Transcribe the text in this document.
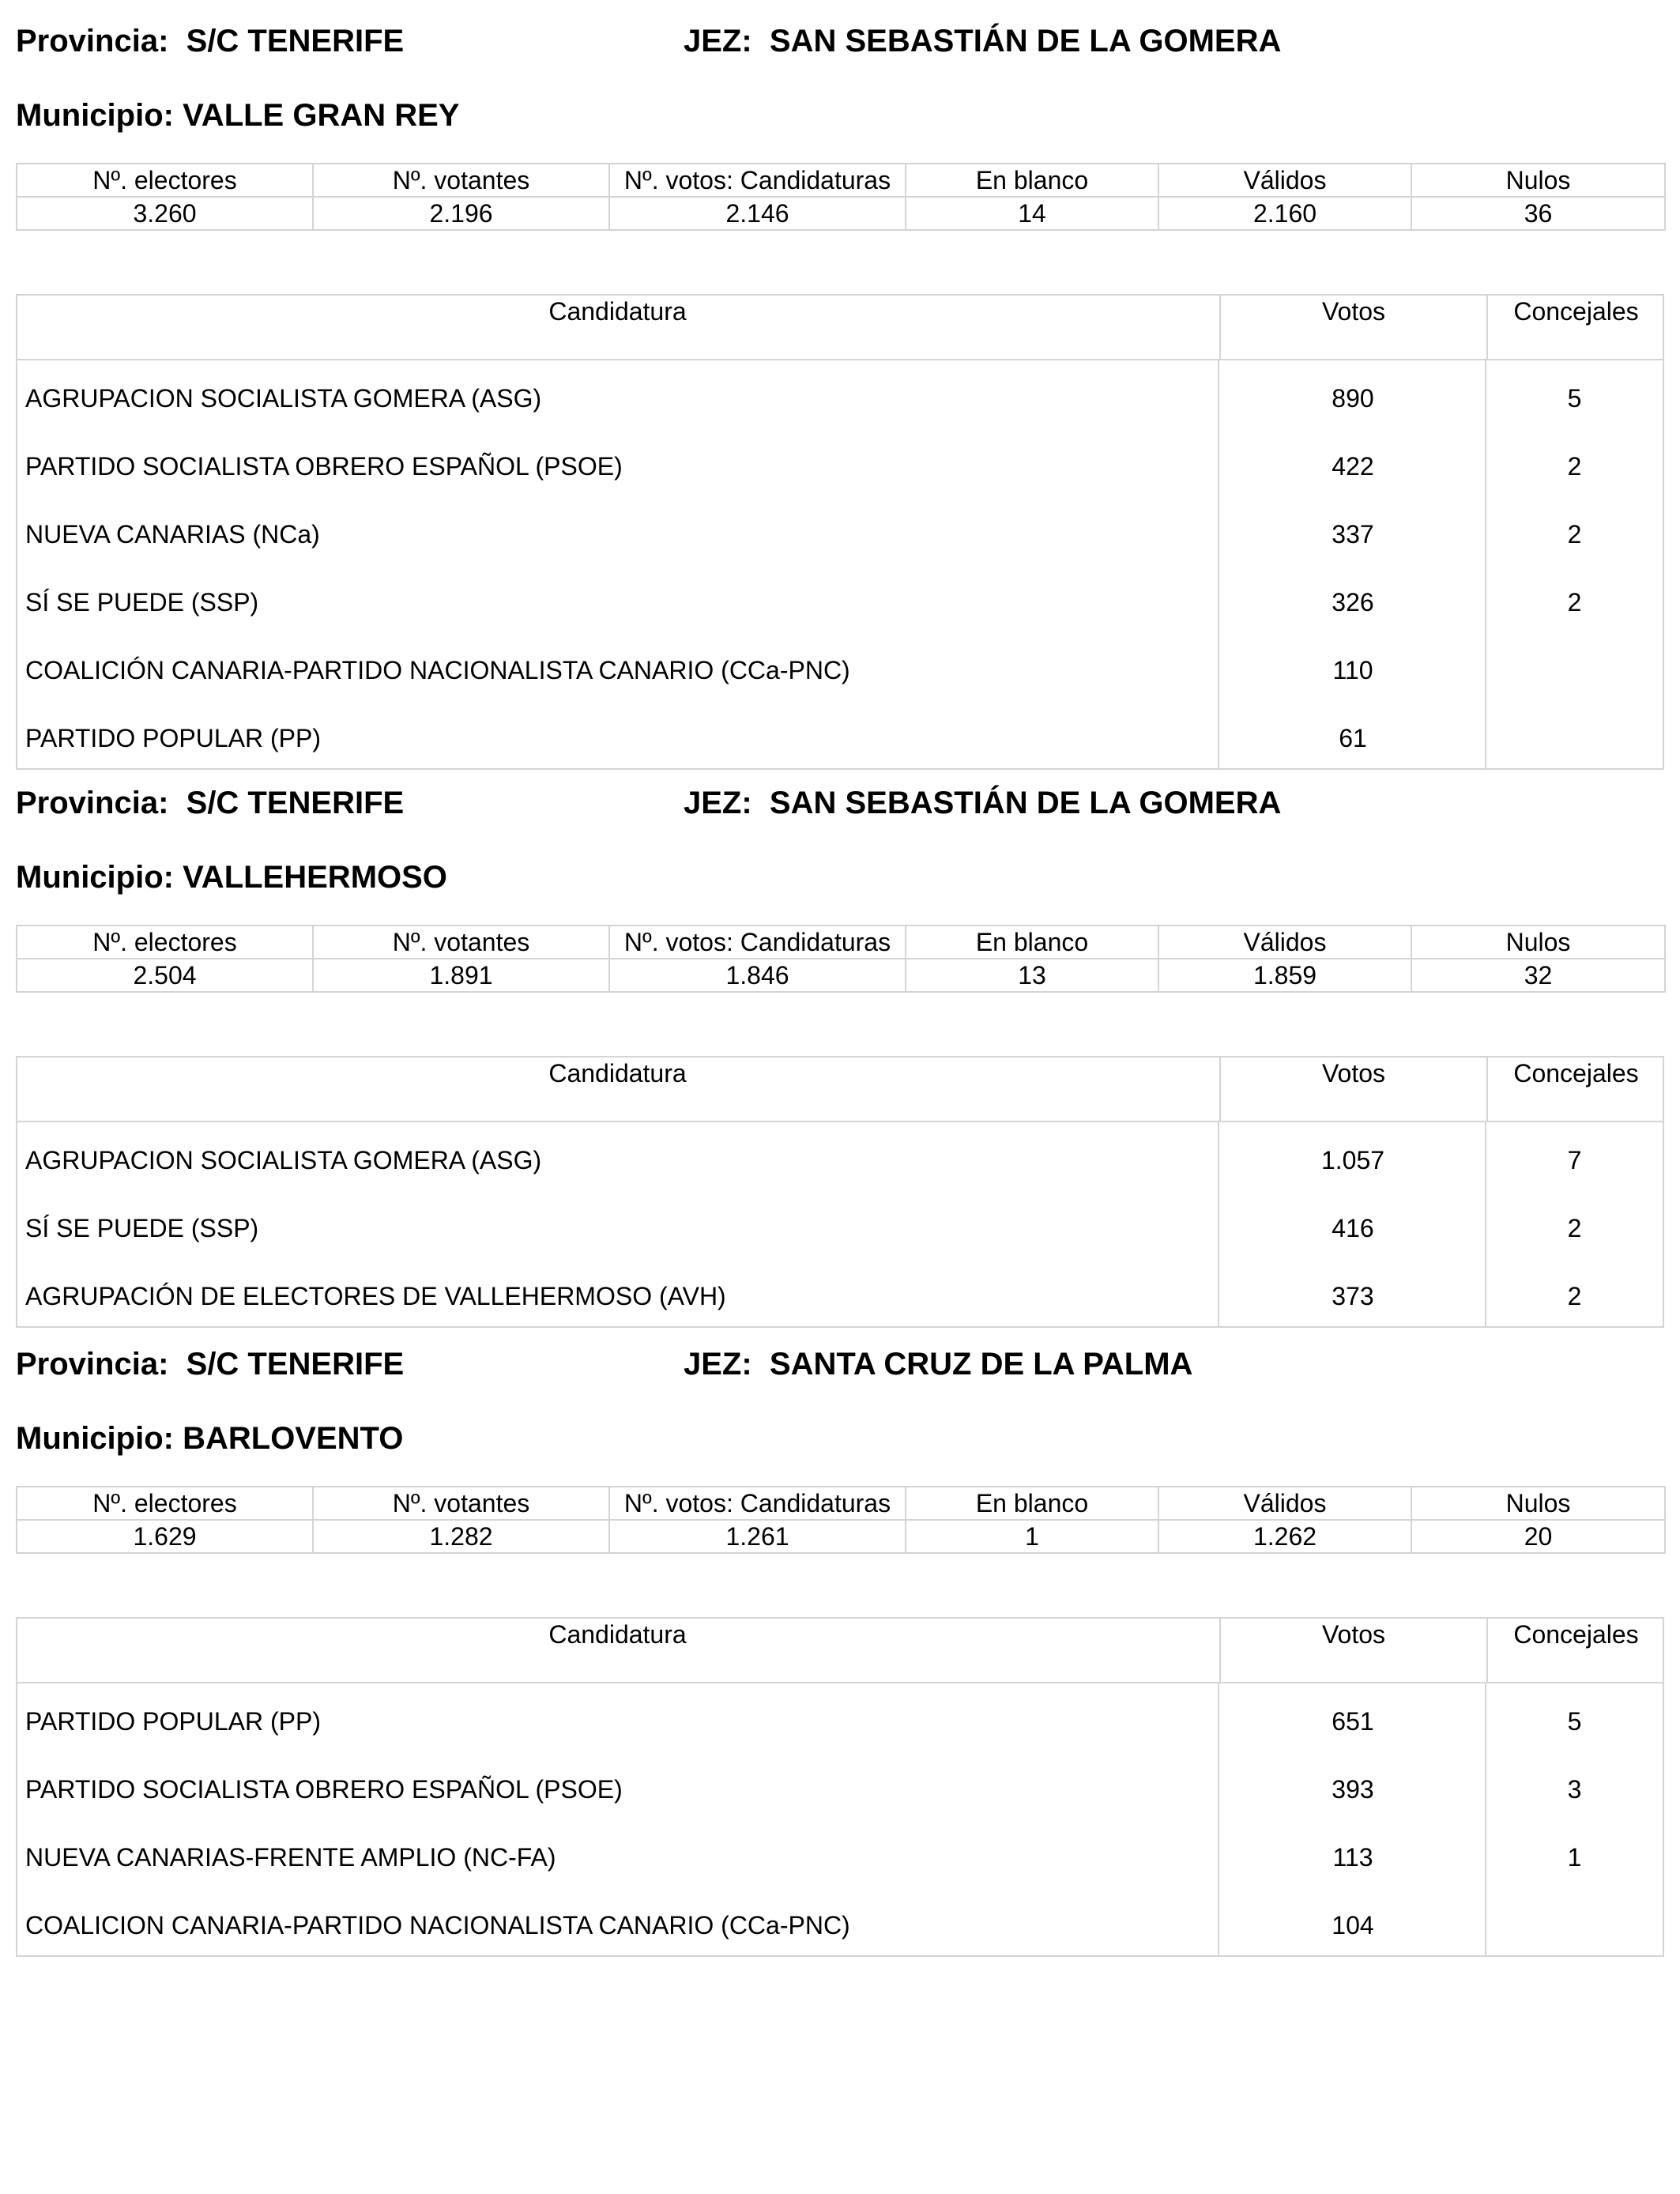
Provincia: S/C TENERIFE	JEZ: SAN SEBASTIÁN DE LA GOMERA
Municipio: VALLE GRAN REY
Nº. electores	Nº. votantes	Nº. votos: Candidaturas	En blanco	Válidos	Nulos
3.260	2.196	2.146	14	2.160	36
Candidatura	Votos	Concejales
AGRUPACION SOCIALISTA GOMERA (ASG)	890	5
PARTIDO SOCIALISTA OBRERO ESPAÑOL (PSOE)	422	2
NUEVA CANARIAS (NCa)	337	2
SÍ SE PUEDE (SSP)	326	2
COALICIÓN CANARIA-PARTIDO NACIONALISTA CANARIO (CCa-PNC)	110
PARTIDO POPULAR (PP)	61
Provincia: S/C TENERIFE	JEZ: SAN SEBASTIÁN DE LA GOMERA
Municipio: VALLEHERMOSO
Nº. electores	Nº. votantes	Nº. votos: Candidaturas	En blanco	Válidos	Nulos
2.504	1.891	1.846	13	1.859	32
Candidatura	Votos	Concejales
AGRUPACION SOCIALISTA GOMERA (ASG)	1.057	7
SÍ SE PUEDE (SSP)	416	2
AGRUPACIÓN DE ELECTORES DE VALLEHERMOSO (AVH)	373	2
Provincia: S/C TENERIFE	JEZ: SANTA CRUZ DE LA PALMA
Municipio: BARLOVENTO
Nº. electores	Nº. votantes	Nº. votos: Candidaturas	En blanco	Válidos	Nulos
1.629	1.282	1.261	1	1.262	20
Candidatura	Votos	Concejales
PARTIDO POPULAR (PP)	651	5
PARTIDO SOCIALISTA OBRERO ESPAÑOL (PSOE)	393	3
NUEVA CANARIAS-FRENTE AMPLIO (NC-FA)	113	1
COALICION CANARIA-PARTIDO NACIONALISTA CANARIO (CCa-PNC)	104
